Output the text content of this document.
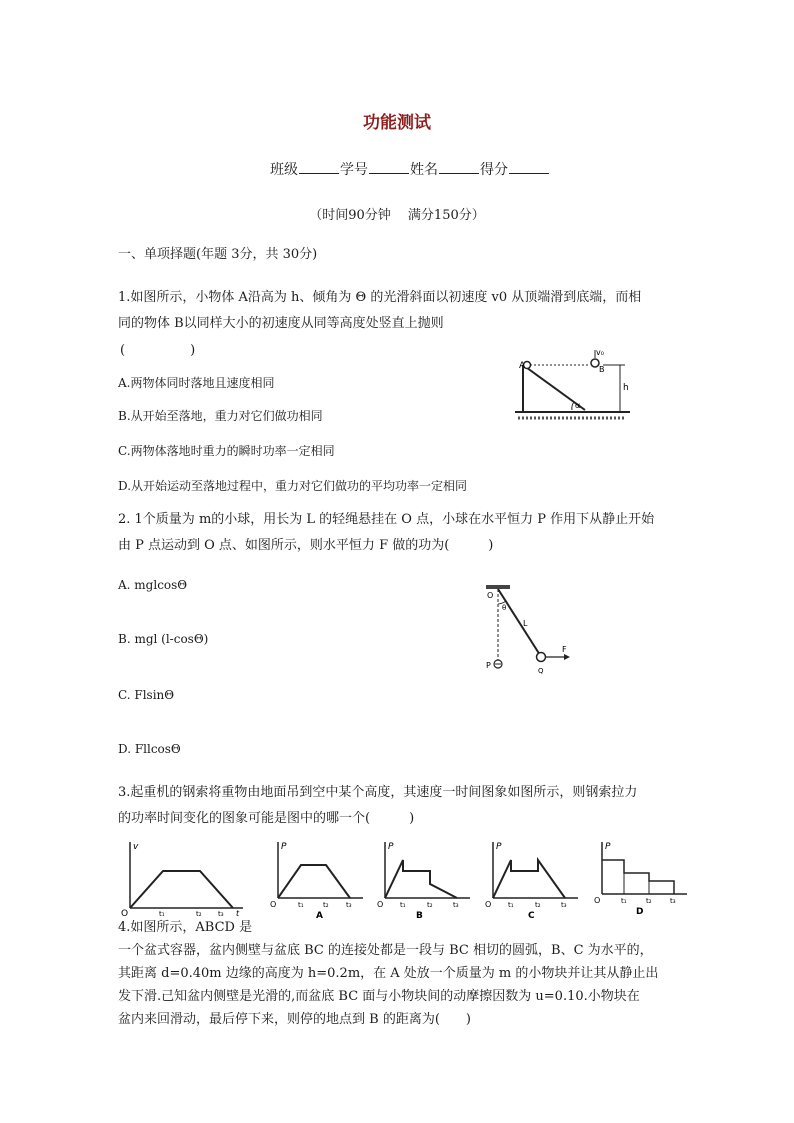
功能测试
班级	学号	姓名	得分
（时间90分钟　 满分150分）
一、单项择题(年题 3分，共 30分)
1.如图所示，小物体 A沿高为 h、倾角为 Θ 的光滑斜面以初速度 v0 从顶端滑到底端，而相
同的物体 B以同样大小的初速度从同等高度处竖直上抛则
(　　　　　)
A.两物体同时落地且速度相同
B.从开始至落地，重力对它们做功相同
C.两物体落地时重力的瞬时功率一定相同
D.从开始运动至落地过程中，重力对它们做功的平均功率一定相同
A	B
v₀
h
α
2. 1个质量为 m的小球，用长为 L 的轻绳悬挂在 O 点，小球在水平恒力 P 作用下从静止开始
由 P 点运动到 O 点、如图所示，则水平恒力 F 做的功为(　　　)
A. mglcosΘ
B. mgl (l-cosΘ)
C. FlsinΘ
D. FllcosΘ
O
θ
L
F
P
Q
3.起重机的钢索将重物由地面吊到空中某个高度，其速度一时间图象如图所示，则钢索拉力
的功率时间变化的图象可能是图中的哪一个(　　　)
v
O	t₁	t₂ t₃ t
P
O	t₁	t₂ t₃
A
P
O t₁	t₂	t₃
B
P
O t₁	t₂	t₃
C
P
O	t₁	t₂	t₃
D
4.如图所示，ABCD 是
一个盆式容器，盆内侧壁与盆底 BC 的连接处都是一段与 BC 相切的圆弧，B、C 为水平的，
其距离 d=0.40m 边缘的高度为 h=0.2m，在 A 处放一个质量为 m 的小物块并让其从静止出
发下滑.己知盆内侧壁是光滑的,而盆底 BC 面与小物块间的动摩擦因数为 u=0.10.小物块在
盆内来回滑动，最后停下来，则停的地点到 B 的距离为(　　)
